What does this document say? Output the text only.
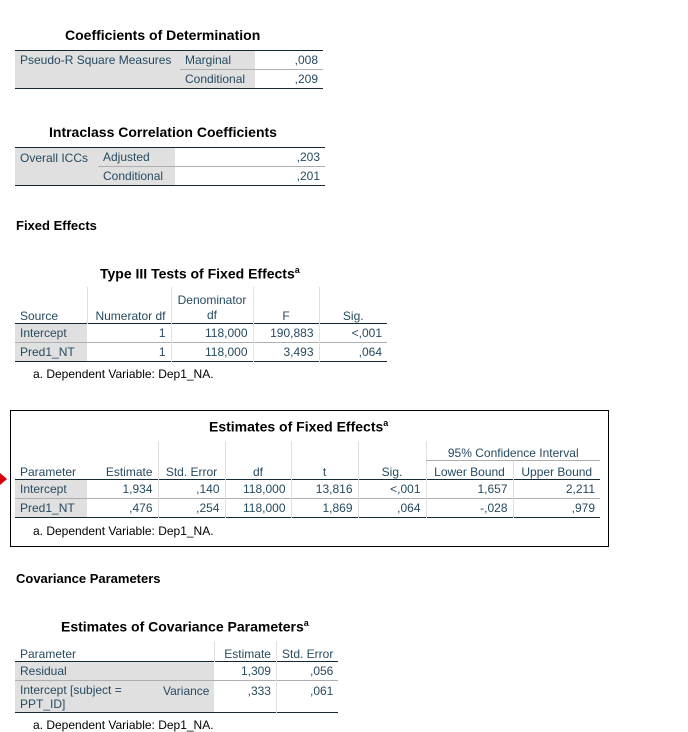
Coefficients of Determination
Pseudo-R Square Measures	Marginal	,008
	Conditional	,209
Intraclass Correlation Coefficients
Overall ICCs	Adjusted	,203
	Conditional	,201
Fixed Effects
Type III Tests of Fixed Effects$^a$
Source	Numerator df	Denominator df	F	Sig.
Intercept	1	118,000	190,883	<,001
Pred1_NT	1	118,000	3,493	,064
a. Dependent Variable: Dep1_NA.
Estimates of Fixed Effects$^a$
						95% Confidence Interval	
Parameter	Estimate	Std. Error	df	t	Sig.	Lower Bound	Upper Bound
Intercept	1,934	,140	118,000	13,816	<,001	1,657	2,211
Pred1_NT	,476	,254	118,000	1,869	,064	-,028	,979
a. Dependent Variable: Dep1_NA.
Covariance Parameters
Estimates of Covariance Parameters$^a$
Parameter		Estimate	Std. Error
Residual		1,309	,056
Intercept [subject = PPT_ID]	Variance	,333	,061
a. Dependent Variable: Dep1_NA.
